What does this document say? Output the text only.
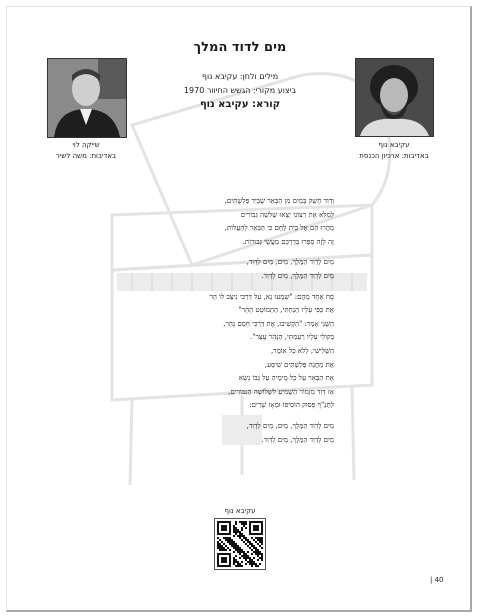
מים לדוד המלך
מילים ולחן: עקיבא נוף
ביצוע מקורי: הגשש החיוור 1970
קורא: עקיבא נוף
שייקה לוי
באדיבות: משה לשיר
עקיבא נוף
באדיבות: ארכיון הכנסת
וְדָוִד חָשַׁק בְּמַיִם מִן הַבְּאֵר שֶׁבְּיַד פְּלִשְׁתִּים,
לְמִלֵּא אֶת רְצוֹנוֹ יָצְאוּ שְׁלֹשָׁה גִּבּוֹרִים
מַהֲרוּ הֵם אֶל בֵּית לֶחֶם כִּי הַבְּאֵר לְהַעֲלוֹת,
זֶה לָזֶה סִפְּרוּ בְּדַרְכָּם מַעֲשֵׂי גְּבוּרוֹת.
מַיִם לְדָוִד הַמֶּלֶךְ, מַיִם, מַיִם לְדָוִד,
מַיִם לְדָוִד הַמֶּלֶךְ, מַיִם לְדָוִד.
סָח אֶחָד מֵהֶם: "שִׁמְעוּ נָא, עַל דַּרְכִּי נִיצַּב לוֹ הַר
אֶת כַּפִּי עָלָיו הֵנַחְתִּי, הַתְמוֹטֵט הָהָר"
הַשֵּׁנִי אָמַר: "הַקְשִׁיבוּ, אֶת דַּרְכִּי חָסַם נָהָר,
בְּקוֹלִי עָלָיו רָעַמְתִּי, הַנָּהָר עָצַר".
הַשְּׁלִישִׁי, לְלֹא כָּל אוֹמֶר,
אֶת מַחֲנֵה פְּלִשְׁתִּים שִׁיסַּע,
אֶת הַבְּאֵר עַל כָּל מֵימֶיהָ עַל גַּבּוֹ נָשָׂא
אָז דָּוִד מִזְמוֹר הַשְׁמִיעַ לִשְׁלוֹשָׁה הַגִּבּוֹרִים,
לְתַנַ"ךְ פָּסוּק הוֹסִיפוּ וּמְאָז שָׁרִים:
מַיִם לְדָוִד הַמֶּלֶךְ, מַיִם, מַיִם לְדָוִד,
מַיִם לְדָוִד הַמֶּלֶךְ, מַיִם לְדָוִד.
עקיבא נוף
| 40
